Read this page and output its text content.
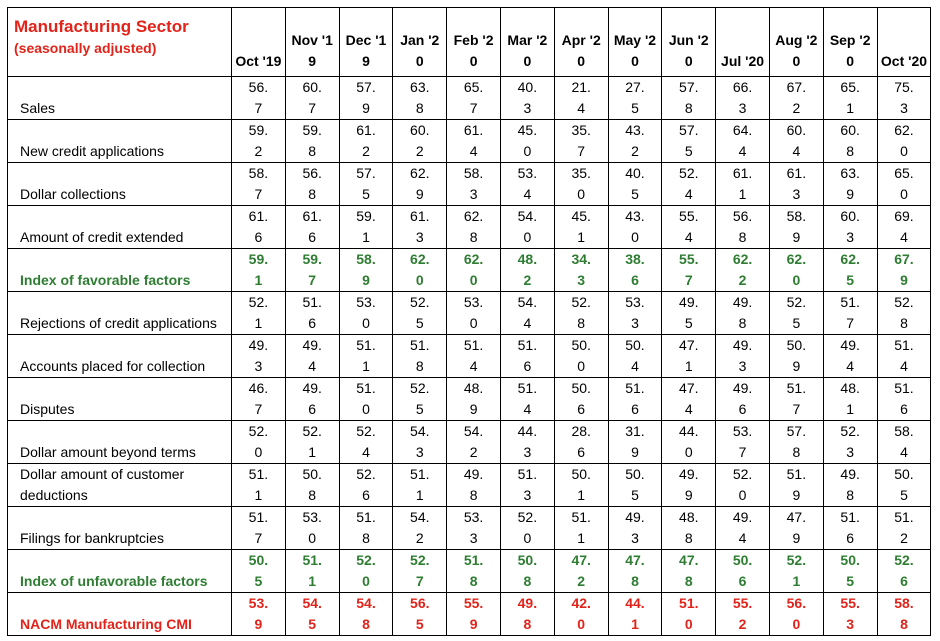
Manufacturing Sector
(seasonally adjusted)	Oct '19	Nov '19	Dec '19	Jan '20	Feb '20	Mar '20	Apr '20	May '20	Jun '20	Jul '20	Aug '20	Sep '20	Oct '20
Sales	56.7	60.7	57.9	63.8	65.7	40.3	21.4	27.5	57.8	66.3	67.2	65.1	75.3
New credit applications	59.2	59.8	61.2	60.2	61.4	45.0	35.7	43.2	57.5	64.4	60.4	60.8	62.0
Dollar collections	58.7	56.8	57.5	62.9	58.3	53.4	35.0	40.5	52.4	61.1	61.3	63.9	65.0
Amount of credit extended	61.6	61.6	59.1	61.3	62.8	54.0	45.1	43.0	55.4	56.8	58.9	60.3	69.4
Index of favorable factors	59.1	59.7	58.9	62.0	62.0	48.2	34.3	38.6	55.7	62.2	62.0	62.5	67.9
Rejections of credit applications	52.1	51.6	53.0	52.5	53.0	54.4	52.8	53.3	49.5	49.8	52.5	51.7	52.8
Accounts placed for collection	49.3	49.4	51.1	51.8	51.4	51.6	50.0	50.4	47.1	49.3	50.9	49.4	51.4
Disputes	46.7	49.6	51.0	52.5	48.9	51.4	50.6	51.6	47.4	49.6	51.7	48.1	51.6
Dollar amount beyond terms	52.0	52.1	52.4	54.3	54.2	44.3	28.6	31.9	44.0	53.7	57.8	52.3	58.4
Dollar amount of customer deductions	51.1	50.8	52.6	51.1	49.8	51.3	50.1	50.5	49.9	52.0	51.9	49.8	50.5
Filings for bankruptcies	51.7	53.0	51.8	54.2	53.3	52.0	51.1	49.3	48.8	49.4	47.9	51.6	51.2
Index of unfavorable factors	50.5	51.1	52.0	52.7	51.8	50.8	47.2	47.8	47.8	50.6	52.1	50.5	52.6
NACM Manufacturing CMI	53.9	54.5	54.8	56.5	55.9	49.8	42.0	44.1	51.0	55.2	56.0	55.3	58.8
